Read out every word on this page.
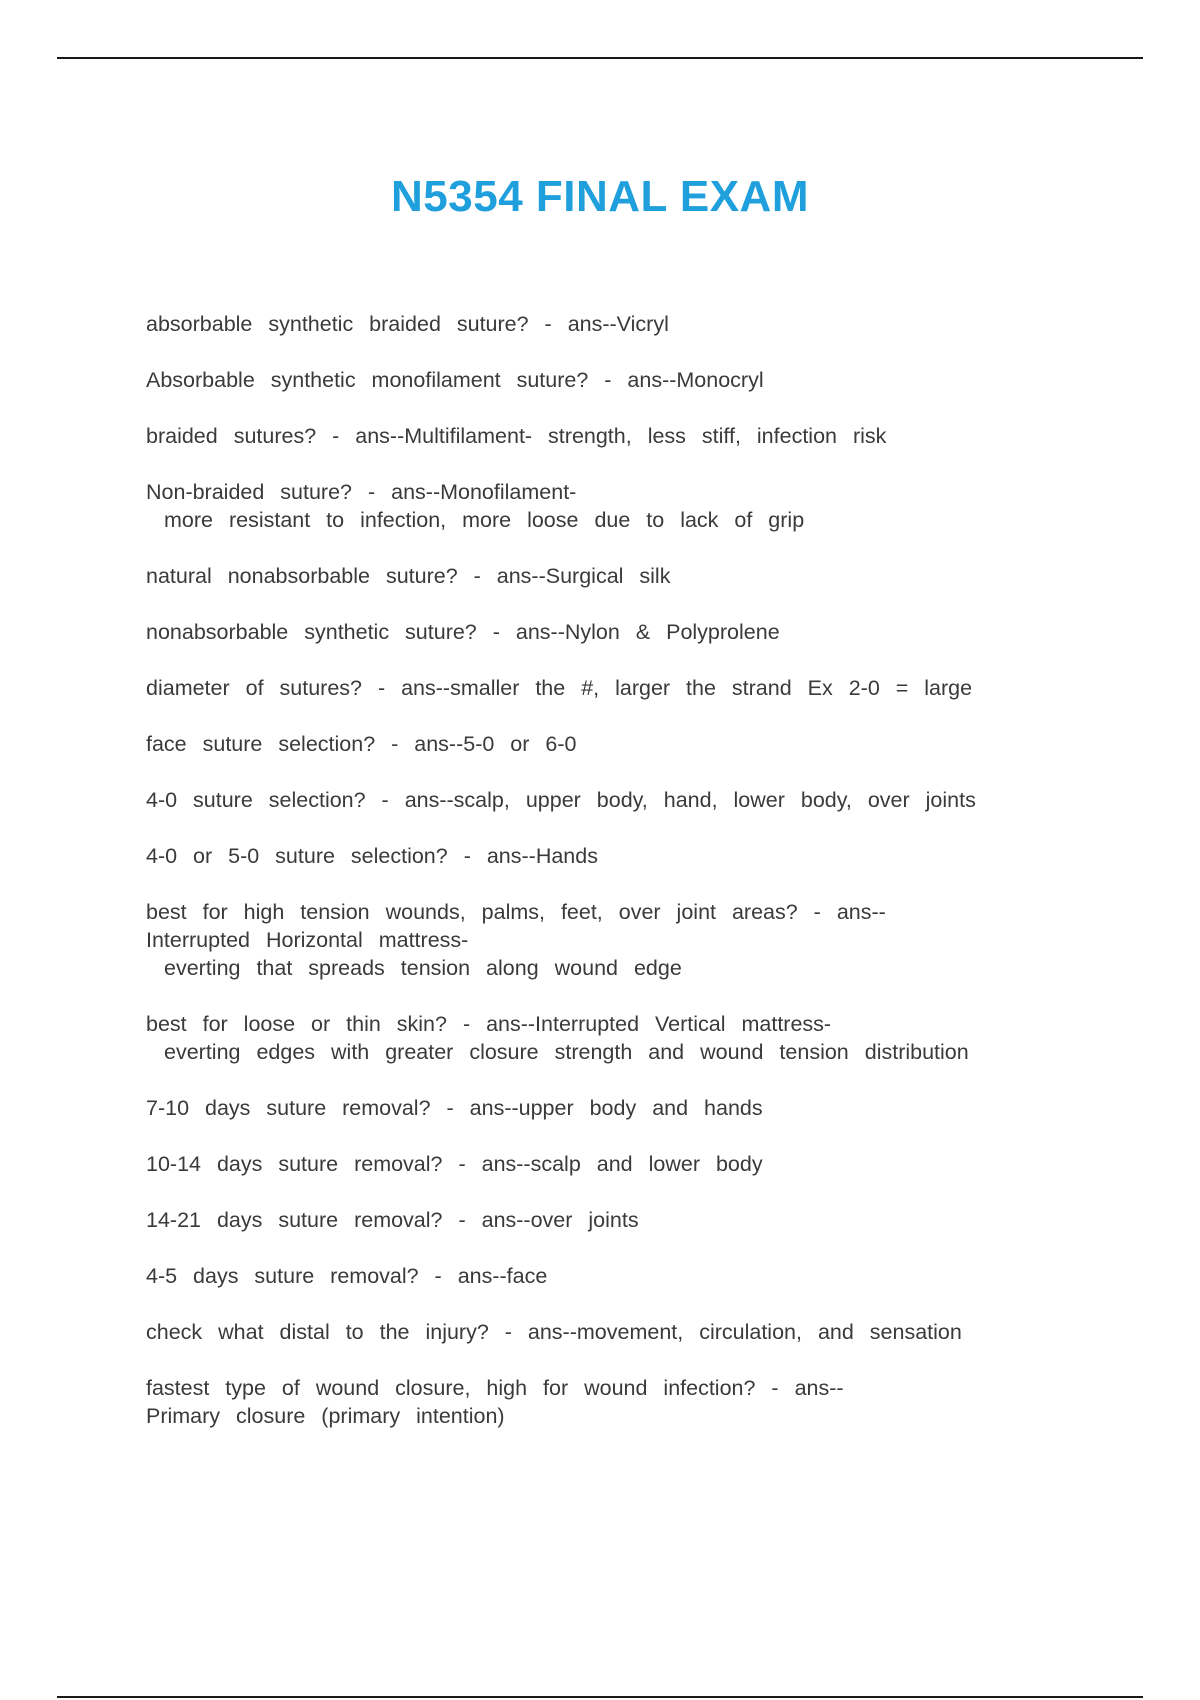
N5354 FINAL EXAM
absorbable synthetic braided suture? - ans--Vicryl
Absorbable synthetic monofilament suture? - ans--Monocryl
braided sutures? - ans--Multifilament- strength, less stiff, infection risk
Non-braided suture? - ans--Monofilament-
more resistant to infection, more loose due to lack of grip
natural nonabsorbable suture? - ans--Surgical silk
nonabsorbable synthetic suture? - ans--Nylon & Polyprolene
diameter of sutures? - ans--smaller the #, larger the strand Ex 2-0 = large
face suture selection? - ans--5-0 or 6-0
4-0 suture selection? - ans--scalp, upper body, hand, lower body, over joints
4-0 or 5-0 suture selection? - ans--Hands
best for high tension wounds, palms, feet, over joint areas? - ans--
Interrupted Horizontal mattress-
everting that spreads tension along wound edge
best for loose or thin skin? - ans--Interrupted Vertical mattress-
everting edges with greater closure strength and wound tension distribution
7-10 days suture removal? - ans--upper body and hands
10-14 days suture removal? - ans--scalp and lower body
14-21 days suture removal? - ans--over joints
4-5 days suture removal? - ans--face
check what distal to the injury? - ans--movement, circulation, and sensation
fastest type of wound closure, high for wound infection? - ans--
Primary closure (primary intention)
